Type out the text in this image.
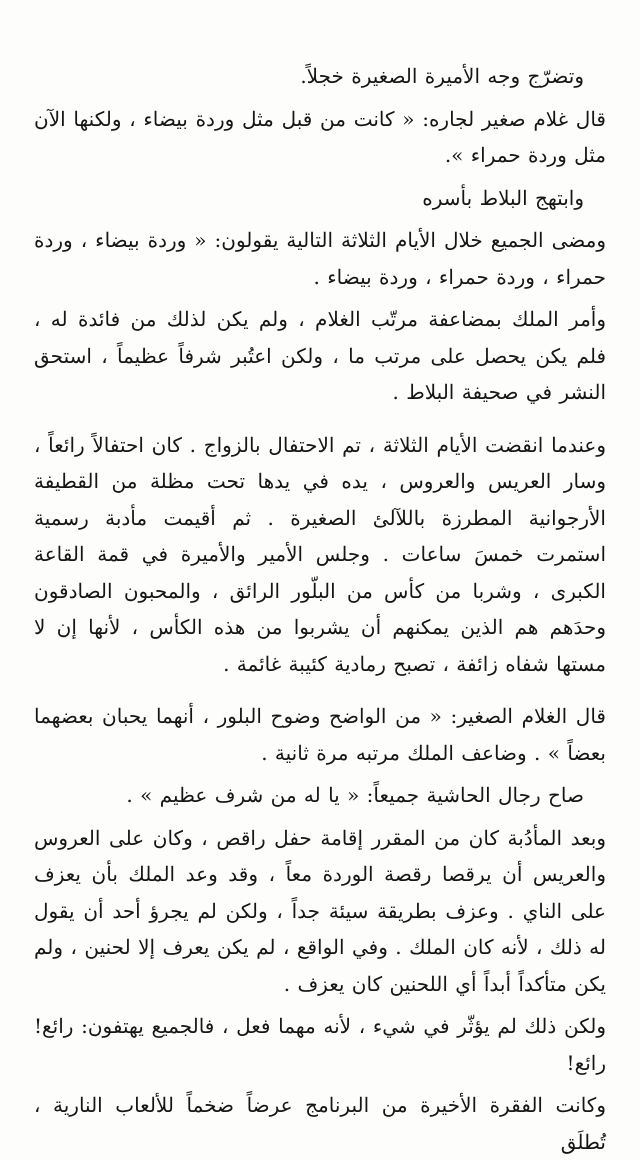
وتضرّج وجه الأميرة الصغيرة خجلاً.

قال غلام صغير لجاره: « كانت من قبل مثل وردة بيضاء ، ولكنها الآن مثل وردة حمراء ».

وابتهج البلاط بأسره

ومضى الجميع خلال الأيام الثلاثة التالية يقولون: « وردة بيضاء ، وردة حمراء ، وردة حمراء ، وردة بيضاء .

وأمر الملك بمضاعفة مرتّب الغلام ، ولم يكن لذلك من فائدة له ، فلم يكن يحصل على مرتب ما ، ولكن اعتُبر شرفاً عظيماً ، استحق النشر في صحيفة البلاط .

وعندما انقضت الأيام الثلاثة ، تم الاحتفال بالزواج . كان احتفالاً رائعاً ، وسار العريس والعروس ، يده في يدها تحت مظلة من القطيفة الأرجوانية المطرزة باللآلئ الصغيرة . ثم أقيمت مأدبة رسمية استمرت خمسَ ساعات . وجلس الأمير والأميرة في قمة القاعة الكبرى ، وشربا من كأس من البلّور الرائق ، والمحبون الصادقون وحدَهم هم الذين يمكنهم أن يشربوا من هذه الكأس ، لأنها إن لا مستها شفاه زائفة ، تصبح رمادية كئيبة غائمة .

قال الغلام الصغير: « من الواضح وضوح البلور ، أنهما يحبان بعضهما بعضاً » . وضاعف الملك مرتبه مرة ثانية .

صاح رجال الحاشية جميعاً: « يا له من شرف عظيم » .

وبعد المأدُبة كان من المقرر إقامة حفل راقص ، وكان على العروس والعريس أن يرقصا رقصة الوردة معاً ، وقد وعد الملك بأن يعزف على الناي . وعزف بطريقة سيئة جداً ، ولكن لم يجرؤ أحد أن يقول له ذلك ، لأنه كان الملك . وفي الواقع ، لم يكن يعرف إلا لحنين ، ولم يكن متأكداً أبداً أي اللحنين كان يعزف .

ولكن ذلك لم يؤثّر في شيء ، لأنه مهما فعل ، فالجميع يهتفون: رائع! رائع!

وكانت الفقرة الأخيرة من البرنامج عرضاً ضخماً للألعاب النارية ، تُطلَق
